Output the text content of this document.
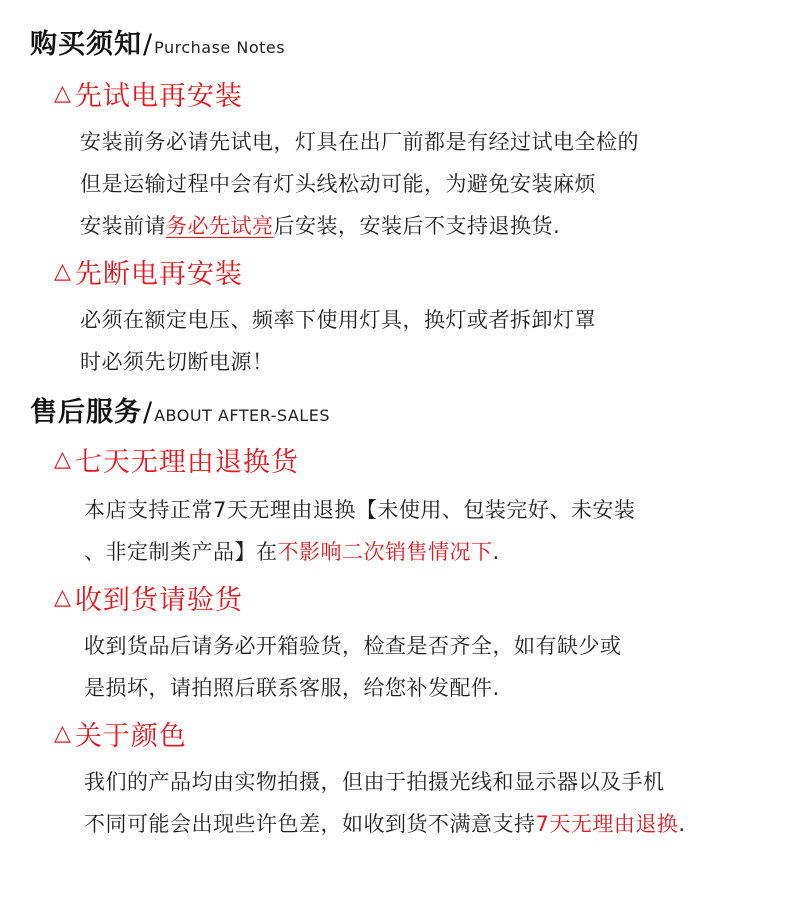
购买须知 / Purchase Notes
△ 先试电再安装
安装前务必请先试电，灯具在出厂前都是有经过试电全检的
但是运输过程中会有灯头线松动可能，为避免安装麻烦
安装前请务必先试亮后安装，安装后不支持退换货.
△ 先断电再安装
必须在额定电压、频率下使用灯具，换灯或者拆卸灯罩
时必须先切断电源！
售后服务 / ABOUT AFTER-SALES
△ 七天无理由退换货
本店支持正常7天无理由退换【未使用、包装完好、未安装
、非定制类产品】在不影响二次销售情况下.
△ 收到货请验货
收到货品后请务必开箱验货，检查是否齐全，如有缺少或
是损坏，请拍照后联系客服，给您补发配件.
△ 关于颜色
我们的产品均由实物拍摄，但由于拍摄光线和显示器以及手机
不同可能会出现些许色差，如收到货不满意支持7天无理由退换.
